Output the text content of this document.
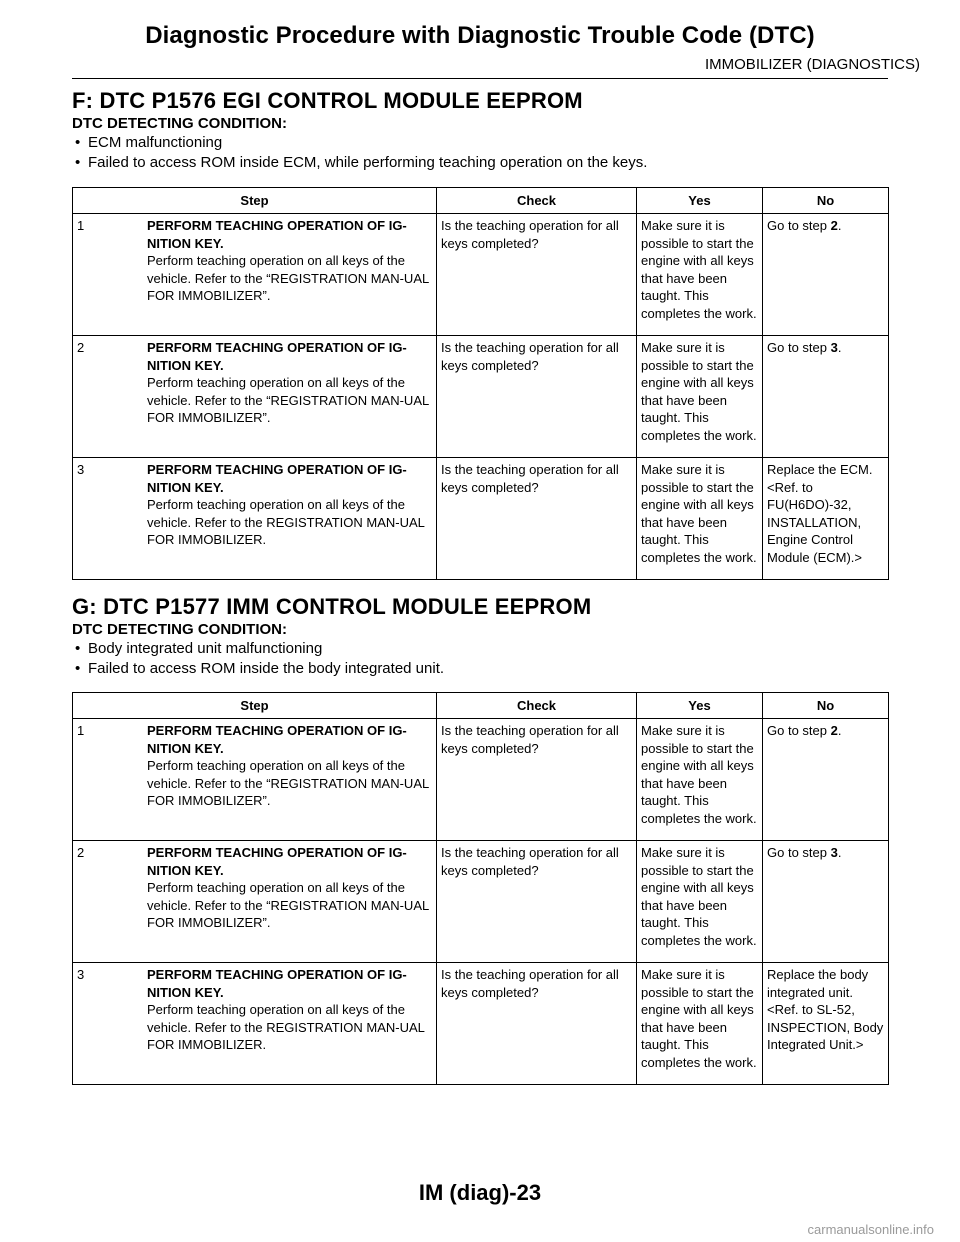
Diagnostic Procedure with Diagnostic Trouble Code (DTC)
IMMOBILIZER (DIAGNOSTICS)
F: DTC P1576 EGI CONTROL MODULE EEPROM
DTC DETECTING CONDITION:
• ECM malfunctioning
• Failed to access ROM inside ECM, while performing teaching operation on the keys.
Step	Check	Yes	No

1 PERFORM TEACHING OPERATION OF IG-
NITION KEY.
Perform teaching operation on all keys of the vehicle. Refer to the “REGISTRATION MAN-UAL FOR IMMOBILIZER”.	Is the teaching operation for all keys completed?	Make sure it is possible to start the engine with all keys that have been taught. This completes the work.	Go to step 2.

2 PERFORM TEACHING OPERATION OF IG-
NITION KEY.
Perform teaching operation on all keys of the vehicle. Refer to the “REGISTRATION MAN-UAL FOR IMMOBILIZER”.	Is the teaching operation for all keys completed?	Make sure it is possible to start the engine with all keys that have been taught. This completes the work.	Go to step 3.

3 PERFORM TEACHING OPERATION OF IG-
NITION KEY.
Perform teaching operation on all keys of the vehicle. Refer to the REGISTRATION MAN-UAL FOR IMMOBILIZER.	Is the teaching operation for all keys completed?	Make sure it is possible to start the engine with all keys that have been taught. This completes the work.	Replace the ECM. <Ref. to FU(H6DO)-32, INSTALLATION, Engine Control Module (ECM).>
G: DTC P1577 IMM CONTROL MODULE EEPROM
DTC DETECTING CONDITION:
• Body integrated unit malfunctioning
• Failed to access ROM inside the body integrated unit.
Step	Check	Yes	No

1 PERFORM TEACHING OPERATION OF IG-
NITION KEY.
Perform teaching operation on all keys of the vehicle. Refer to the “REGISTRATION MAN-UAL FOR IMMOBILIZER”.	Is the teaching operation for all keys completed?	Make sure it is possible to start the engine with all keys that have been taught. This completes the work.	Go to step 2.

2 PERFORM TEACHING OPERATION OF IG-
NITION KEY.
Perform teaching operation on all keys of the vehicle. Refer to the “REGISTRATION MAN-UAL FOR IMMOBILIZER”.	Is the teaching operation for all keys completed?	Make sure it is possible to start the engine with all keys that have been taught. This completes the work.	Go to step 3.

3 PERFORM TEACHING OPERATION OF IG-
NITION KEY.
Perform teaching operation on all keys of the vehicle. Refer to the REGISTRATION MAN-UAL FOR IMMOBILIZER.	Is the teaching operation for all keys completed?	Make sure it is possible to start the engine with all keys that have been taught. This completes the work.	Replace the body integrated unit. <Ref. to SL-52, INSPECTION, Body Integrated Unit.>
IM (diag)-23
carmanualsonline.info
